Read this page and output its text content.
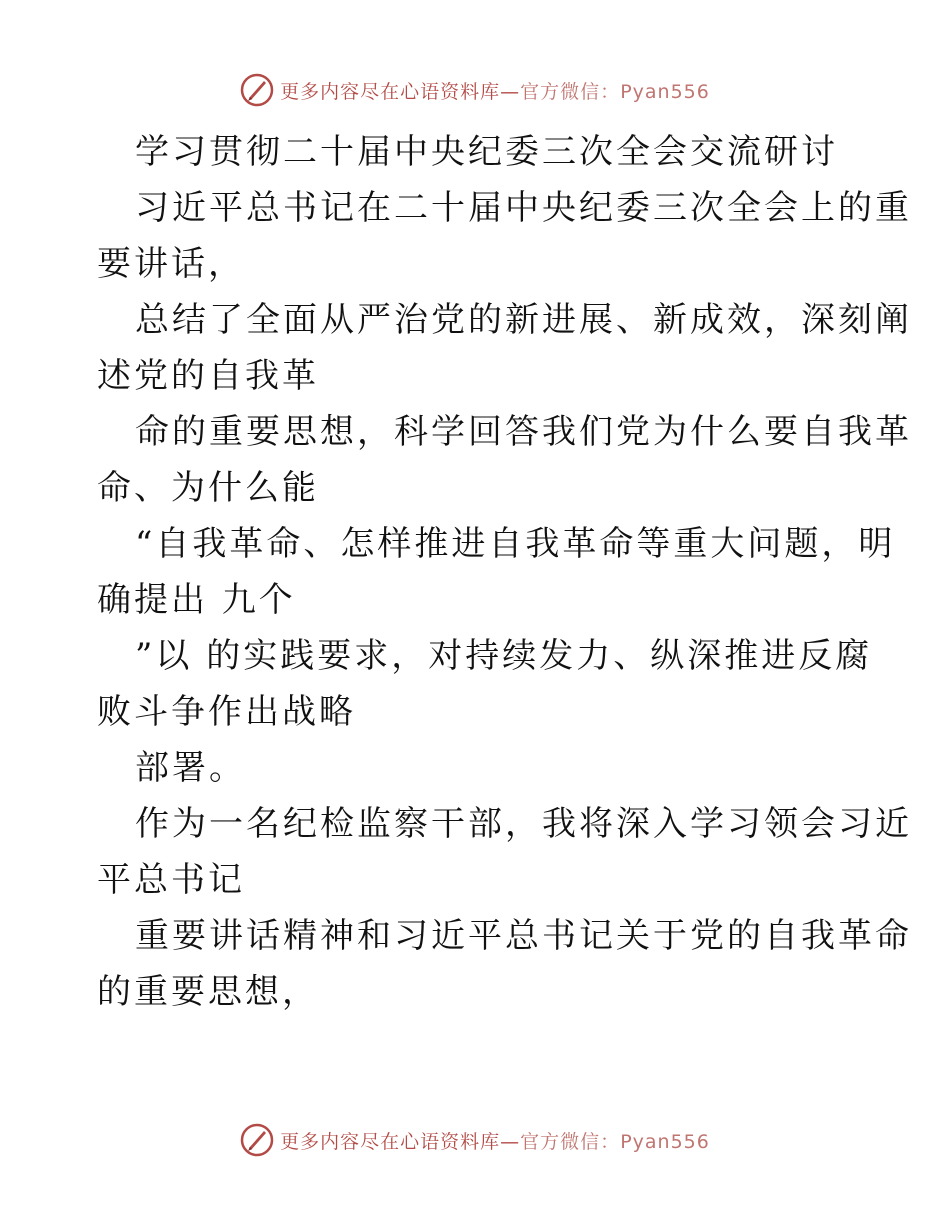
更多内容尽在心语资料库—官方微信：Pyan556
学习贯彻二十届中央纪委三次全会交流研讨
习近平总书记在二十届中央纪委三次全会上的重
要讲话，
总结了全面从严治党的新进展、新成效，深刻阐
述党的自我革
命的重要思想，科学回答我们党为什么要自我革
命、为什么能
“自我革命、怎样推进自我革命等重大问题，明
确提出 九个
”以 的实践要求，对持续发力、纵深推进反腐
败斗争作出战略
部署。
作为一名纪检监察干部，我将深入学习领会习近
平总书记
重要讲话精神和习近平总书记关于党的自我革命
的重要思想，
更多内容尽在心语资料库—官方微信：Pyan556
